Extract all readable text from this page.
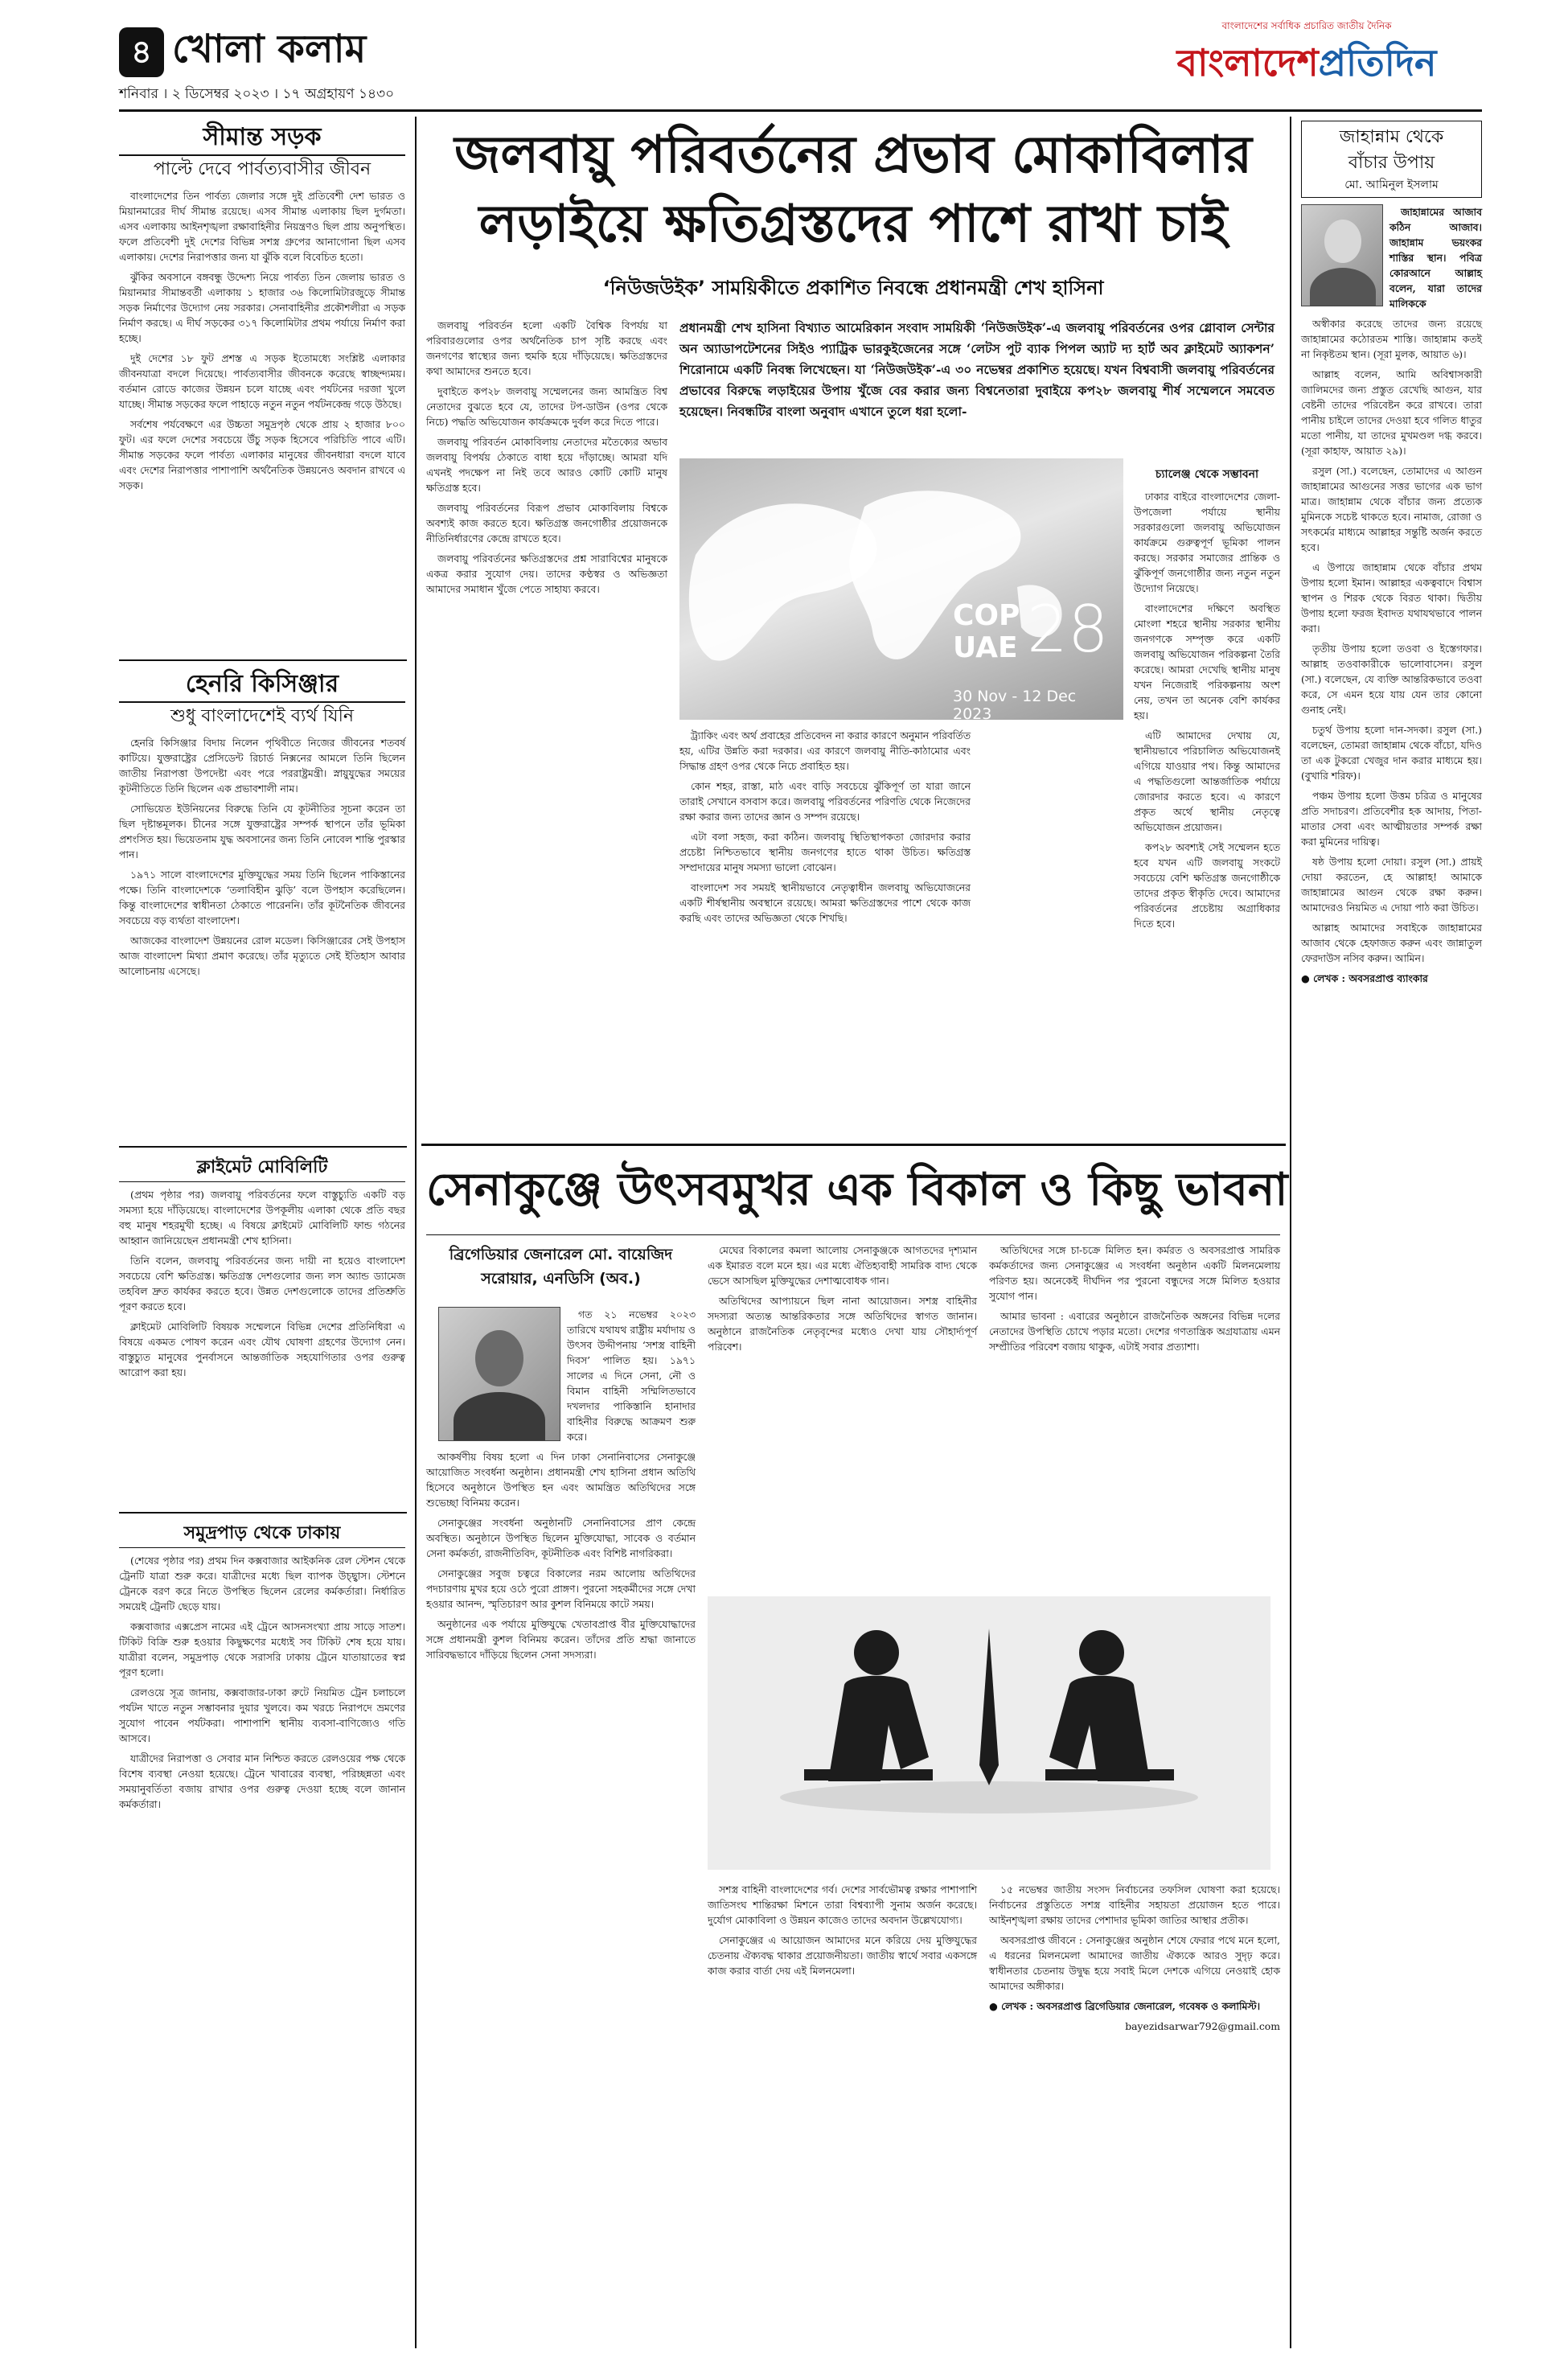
৪ খোলা কলাম
শনিবার । ২ ডিসেম্বর ২০২৩ । ১৭ অগ্রহায়ণ ১৪৩০
বাংলাদেশের সর্বাধিক প্রচারিত জাতীয় দৈনিক
বাংলাদেশপ্রতিদিন
সীমান্ত সড়ক
পাল্টে দেবে পার্বত্যবাসীর জীবন

বাংলাদেশের তিন পার্বত্য জেলার সঙ্গে দুই প্রতিবেশী দেশ ভারত ও মিয়ানমারের দীর্ঘ সীমান্ত রয়েছে। এসব সীমান্ত এলাকায় ছিল দুর্গমতা। এসব এলাকায় আইনশৃঙ্খলা রক্ষাবাহিনীর নিয়ন্ত্রণও ছিল প্রায় অনুপস্থিত। ফলে প্রতিবেশী দুই দেশের বিভিন্ন সশস্ত্র গ্রুপের আনাগোনা ছিল এসব এলাকায়। দেশের নিরাপত্তার জন্য যা ঝুঁকি বলে বিবেচিত হতো।

ঝুঁকির অবসানে বঙ্গবন্ধু উদ্দেশ্য নিয়ে পার্বত্য তিন জেলায় ভারত ও মিয়ানমার সীমান্তবর্তী এলাকায় ১ হাজার ৩৬ কিলোমিটারজুড়ে সীমান্ত সড়ক নির্মাণের উদ্যোগ নেয় সরকার। সেনাবাহিনীর প্রকৌশলীরা এ সড়ক নির্মাণ করছে। এ দীর্ঘ সড়কের ৩১৭ কিলোমিটার প্রথম পর্যায়ে নির্মাণ করা হচ্ছে।

দুই দেশের ১৮ ফুট প্রশস্ত এ সড়ক ইতোমধ্যে সংশ্লিষ্ট এলাকার জীবনযাত্রা বদলে দিয়েছে। পার্বত্যবাসীর জীবনকে করেছে স্বাচ্ছন্দ্যময়। বর্তমান রোডে কাজের উন্নয়ন চলে যাচ্ছে এবং পর্যটনের দরজা খুলে যাচ্ছে। সীমান্ত সড়কের ফলে পাহাড়ে নতুন নতুন পর্যটনকেন্দ্র গড়ে উঠছে।

সর্বশেষ পর্যবেক্ষণে এর উচ্চতা সমুদ্রপৃষ্ঠ থেকে প্রায় ২ হাজার ৮০০ ফুট। এর ফলে দেশের সবচেয়ে উঁচু সড়ক হিসেবে পরিচিতি পাবে এটি। সীমান্ত সড়কের ফলে পার্বত্য এলাকার মানুষের জীবনধারা বদলে যাবে এবং দেশের নিরাপত্তার পাশাপাশি অর্থনৈতিক উন্নয়নেও অবদান রাখবে এ সড়ক।

হেনরি কিসিঞ্জার
শুধু বাংলাদেশেই ব্যর্থ যিনি

হেনরি কিসিঞ্জার বিদায় নিলেন পৃথিবীতে নিজের জীবনের শতবর্ষ কাটিয়ে। যুক্তরাষ্ট্রের প্রেসিডেন্ট রিচার্ড নিক্সনের আমলে তিনি ছিলেন জাতীয় নিরাপত্তা উপদেষ্টা এবং পরে পররাষ্ট্রমন্ত্রী। স্নায়ুযুদ্ধের সময়ের কূটনীতিতে তিনি ছিলেন এক প্রভাবশালী নাম।

সোভিয়েত ইউনিয়নের বিরুদ্ধে তিনি যে কূটনীতির সূচনা করেন তা ছিল দৃষ্টান্তমূলক। চীনের সঙ্গে যুক্তরাষ্ট্রের সম্পর্ক স্থাপনে তাঁর ভূমিকা প্রশংসিত হয়। ভিয়েতনাম যুদ্ধ অবসানের জন্য তিনি নোবেল শান্তি পুরস্কার পান।

১৯৭১ সালে বাংলাদেশের মুক্তিযুদ্ধের সময় তিনি ছিলেন পাকিস্তানের পক্ষে। তিনি বাংলাদেশকে ‘তলাবিহীন ঝুড়ি’ বলে উপহাস করেছিলেন। কিন্তু বাংলাদেশের স্বাধীনতা ঠেকাতে পারেননি। তাঁর কূটনৈতিক জীবনের সবচেয়ে বড় ব্যর্থতা বাংলাদেশ।

আজকের বাংলাদেশ উন্নয়নের রোল মডেল। কিসিঞ্জারের সেই উপহাস আজ বাংলাদেশ মিথ্যা প্রমাণ করেছে। তাঁর মৃত্যুতে সেই ইতিহাস আবার আলোচনায় এসেছে।

ক্লাইমেট মোবিলিটি

(প্রথম পৃষ্ঠার পর) জলবায়ু পরিবর্তনের ফলে বাস্তুচ্যুতি একটি বড় সমস্যা হয়ে দাঁড়িয়েছে। বাংলাদেশের উপকূলীয় এলাকা থেকে প্রতি বছর বহু মানুষ শহরমুখী হচ্ছে। এ বিষয়ে ক্লাইমেট মোবিলিটি ফান্ড গঠনের আহ্বান জানিয়েছেন প্রধানমন্ত্রী শেখ হাসিনা।

তিনি বলেন, জলবায়ু পরিবর্তনের জন্য দায়ী না হয়েও বাংলাদেশ সবচেয়ে বেশি ক্ষতিগ্রস্ত। ক্ষতিগ্রস্ত দেশগুলোর জন্য লস অ্যান্ড ড্যামেজ তহবিল দ্রুত কার্যকর করতে হবে। উন্নত দেশগুলোকে তাদের প্রতিশ্রুতি পূরণ করতে হবে।

ক্লাইমেট মোবিলিটি বিষয়ক সম্মেলনে বিভিন্ন দেশের প্রতিনিধিরা এ বিষয়ে একমত পোষণ করেন এবং যৌথ ঘোষণা গ্রহণের উদ্যোগ নেন। বাস্তুচ্যুত মানুষের পুনর্বাসনে আন্তর্জাতিক সহযোগিতার ওপর গুরুত্ব আরোপ করা হয়।

সমুদ্রপাড় থেকে ঢাকায়

(শেষের পৃষ্ঠার পর) প্রথম দিন কক্সবাজার আইকনিক রেল স্টেশন থেকে ট্রেনটি যাত্রা শুরু করে। যাত্রীদের মধ্যে ছিল ব্যাপক উচ্ছ্বাস। স্টেশনে ট্রেনকে বরণ করে নিতে উপস্থিত ছিলেন রেলের কর্মকর্তারা। নির্ধারিত সময়েই ট্রেনটি ছেড়ে যায়।

কক্সবাজার এক্সপ্রেস নামের এই ট্রেনে আসনসংখ্যা প্রায় সাড়ে সাতশ। টিকিট বিক্রি শুরু হওয়ার কিছুক্ষণের মধ্যেই সব টিকিট শেষ হয়ে যায়। যাত্রীরা বলেন, সমুদ্রপাড় থেকে সরাসরি ঢাকায় ট্রেনে যাতায়াতের স্বপ্ন পূরণ হলো।

রেলওয়ে সূত্র জানায়, কক্সবাজার-ঢাকা রুটে নিয়মিত ট্রেন চলাচলে পর্যটন খাতে নতুন সম্ভাবনার দুয়ার খুলবে। কম খরচে নিরাপদে ভ্রমণের সুযোগ পাবেন পর্যটকরা। পাশাপাশি স্থানীয় ব্যবসা-বাণিজ্যেও গতি আসবে।

যাত্রীদের নিরাপত্তা ও সেবার মান নিশ্চিত করতে রেলওয়ের পক্ষ থেকে বিশেষ ব্যবস্থা নেওয়া হয়েছে। ট্রেনে খাবারের ব্যবস্থা, পরিচ্ছন্নতা এবং সময়ানুবর্তিতা বজায় রাখার ওপর গুরুত্ব দেওয়া হচ্ছে বলে জানান কর্মকর্তারা।

জলবায়ু পরিবর্তনের প্রভাব মোকাবিলার
লড়াইয়ে ক্ষতিগ্রস্তদের পাশে রাখা চাই
‘নিউজউইক’ সাময়িকীতে প্রকাশিত নিবন্ধে প্রধানমন্ত্রী শেখ হাসিনা

জলবায়ু পরিবর্তন হলো একটি বৈশ্বিক বিপর্যয় যা পরিবারগুলোর ওপর অর্থনৈতিক চাপ সৃষ্টি করছে এবং জনগণের স্বাস্থ্যের জন্য হুমকি হয়ে দাঁড়িয়েছে। ক্ষতিগ্রস্তদের কথা আমাদের শুনতে হবে।

দুবাইতে কপ২৮ জলবায়ু সম্মেলনের জন্য আমন্ত্রিত বিশ্ব নেতাদের বুঝতে হবে যে, তাদের টপ-ডাউন (ওপর থেকে নিচে) পদ্ধতি অভিযোজন কার্যক্রমকে দুর্বল করে দিতে পারে।

জলবায়ু পরিবর্তন মোকাবিলায় নেতাদের মতৈক্যের অভাব জলবায়ু বিপর্যয় ঠেকাতে বাধা হয়ে দাঁড়াচ্ছে। আমরা যদি এখনই পদক্ষেপ না নিই তবে আরও কোটি কোটি মানুষ ক্ষতিগ্রস্ত হবে।

জলবায়ু পরিবর্তনের বিরূপ প্রভাব মোকাবিলায় বিশ্বকে অবশ্যই কাজ করতে হবে। ক্ষতিগ্রস্ত জনগোষ্ঠীর প্রয়োজনকে নীতিনির্ধারণের কেন্দ্রে রাখতে হবে।

জলবায়ু পরিবর্তনের ক্ষতিগ্রস্তদের প্রশ্ন সারাবিশ্বের মানুষকে একত্র করার সুযোগ দেয়। তাদের কণ্ঠস্বর ও অভিজ্ঞতা আমাদের সমাধান খুঁজে পেতে সাহায্য করবে।

প্রধানমন্ত্রী শেখ হাসিনা বিখ্যাত আমেরিকান সংবাদ সাময়িকী ‘নিউজউইক’-এ জলবায়ু পরিবর্তনের ওপর গ্লোবাল সেন্টার অন অ্যাডাপটেশনের সিইও প্যাট্রিক ভারকুইজেনের সঙ্গে ‘লেটস পুট ব্যাক পিপল অ্যাট দ্য হার্ট অব ক্লাইমেট অ্যাকশন’ শিরোনামে একটি নিবন্ধ লিখেছেন। যা ‘নিউজউইক’-এ ৩০ নভেম্বর প্রকাশিত হয়েছে। যখন বিশ্ববাসী জলবায়ু পরিবর্তনের প্রভাবের বিরুদ্ধে লড়াইয়ের উপায় খুঁজে বের করার জন্য বিশ্বনেতারা দুবাইয়ে কপ২৮ জলবায়ু শীর্ষ সম্মেলনে সমবেত হয়েছেন। নিবন্ধটির বাংলা অনুবাদ এখানে তুলে ধরা হলো-
COP
UAE 28
30 Nov - 12 Dec 2023

ট্র্যাকিং এবং অর্থ প্রবাহের প্রতিবেদন না করার কারণে অনুমান পরিবর্তিত হয়, এটির উন্নতি করা দরকার। এর কারণে জলবায়ু নীতি-কাঠামোর এবং সিদ্ধান্ত গ্রহণ ওপর থেকে নিচে প্রবাহিত হয়।

কোন শহর, রাস্তা, মাঠ এবং বাড়ি সবচেয়ে ঝুঁকিপূর্ণ তা যারা জানে তারাই সেখানে বসবাস করে। জলবায়ু পরিবর্তনের পরিণতি থেকে নিজেদের রক্ষা করার জন্য তাদের জ্ঞান ও সম্পদ রয়েছে।

এটা বলা সহজ, করা কঠিন। জলবায়ু স্থিতিস্থাপকতা জোরদার করার প্রচেষ্টা নিশ্চিতভাবে স্থানীয় জনগণের হাতে থাকা উচিত। ক্ষতিগ্রস্ত সম্প্রদায়ের মানুষ সমস্যা ভালো বোঝেন।

বাংলাদেশ সব সময়ই স্থানীয়ভাবে নেতৃত্বাধীন জলবায়ু অভিযোজনের একটি শীর্ষস্থানীয় অবস্থানে রয়েছে। আমরা ক্ষতিগ্রস্তদের পাশে থেকে কাজ করছি এবং তাদের অভিজ্ঞতা থেকে শিখছি।

চ্যালেঞ্জ থেকে সম্ভাবনা

ঢাকার বাইরে বাংলাদেশের জেলা-উপজেলা পর্যায়ে স্থানীয় সরকারগুলো জলবায়ু অভিযোজন কার্যক্রমে গুরুত্বপূর্ণ ভূমিকা পালন করছে। সরকার সমাজের প্রান্তিক ও ঝুঁকিপূর্ণ জনগোষ্ঠীর জন্য নতুন নতুন উদ্যোগ নিয়েছে।

বাংলাদেশের দক্ষিণে অবস্থিত মোংলা শহরে স্থানীয় সরকার স্থানীয় জনগণকে সম্পৃক্ত করে একটি জলবায়ু অভিযোজন পরিকল্পনা তৈরি করেছে। আমরা দেখেছি স্থানীয় মানুষ যখন নিজেরাই পরিকল্পনায় অংশ নেয়, তখন তা অনেক বেশি কার্যকর হয়।

এটি আমাদের দেখায় যে, স্থানীয়ভাবে পরিচালিত অভিযোজনই এগিয়ে যাওয়ার পথ। কিন্তু আমাদের এ পদ্ধতিগুলো আন্তর্জাতিক পর্যায়ে জোরদার করতে হবে। এ কারণে প্রকৃত অর্থে স্থানীয় নেতৃত্বে অভিযোজন প্রয়োজন।

কপ২৮ অবশ্যই সেই সম্মেলন হতে হবে যখন এটি জলবায়ু সংকটে সবচেয়ে বেশি ক্ষতিগ্রস্ত জনগোষ্ঠীকে তাদের প্রকৃত স্বীকৃতি দেবে। আমাদের পরিবর্তনের প্রচেষ্টায় অগ্রাধিকার দিতে হবে।

সেনাকুঞ্জে উৎসবমুখর এক বিকাল ও কিছু ভাবনা
ব্রিগেডিয়ার জেনারেল মো. বায়েজিদ
সরোয়ার, এনডিসি (অব.)

গত ২১ নভেম্বর ২০২৩ তারিখে যথাযথ রাষ্ট্রীয় মর্যাদায় ও উৎসব উদ্দীপনায় ‘সশস্ত্র বাহিনী দিবস’ পালিত হয়। ১৯৭১ সালের এ দিনে সেনা, নৌ ও বিমান বাহিনী সম্মিলিতভাবে দখলদার পাকিস্তানি হানাদার বাহিনীর বিরুদ্ধে আক্রমণ শুরু করে।

আকর্ষণীয় বিষয় হলো এ দিন ঢাকা সেনানিবাসের সেনাকুঞ্জে আয়োজিত সংবর্ধনা অনুষ্ঠান। প্রধানমন্ত্রী শেখ হাসিনা প্রধান অতিথি হিসেবে অনুষ্ঠানে উপস্থিত হন এবং আমন্ত্রিত অতিথিদের সঙ্গে শুভেচ্ছা বিনিময় করেন।

সেনাকুঞ্জের সংবর্ধনা অনুষ্ঠানটি সেনানিবাসের প্রাণ কেন্দ্রে অবস্থিত। অনুষ্ঠানে উপস্থিত ছিলেন মুক্তিযোদ্ধা, সাবেক ও বর্তমান সেনা কর্মকর্তা, রাজনীতিবিদ, কূটনীতিক এবং বিশিষ্ট নাগরিকরা।

সেনাকুঞ্জের সবুজ চত্বরে বিকালের নরম আলোয় অতিথিদের পদচারণায় মুখর হয়ে ওঠে পুরো প্রাঙ্গণ। পুরনো সহকর্মীদের সঙ্গে দেখা হওয়ার আনন্দ, স্মৃতিচারণ আর কুশল বিনিময়ে কাটে সময়।

অনুষ্ঠানের এক পর্যায়ে মুক্তিযুদ্ধে খেতাবপ্রাপ্ত বীর মুক্তিযোদ্ধাদের সঙ্গে প্রধানমন্ত্রী কুশল বিনিময় করেন। তাঁদের প্রতি শ্রদ্ধা জানাতে সারিবদ্ধভাবে দাঁড়িয়ে ছিলেন সেনা সদস্যরা।

মেঘের বিকালের কমলা আলোয় সেনাকুঞ্জকে আগতদের দৃশ্যমান এক ইমারত বলে মনে হয়। এর মধ্যে ঐতিহ্যবাহী সামরিক বাদ্য থেকে ভেসে আসছিল মুক্তিযুদ্ধের দেশাত্মবোধক গান।

অতিথিদের আপ্যায়নে ছিল নানা আয়োজন। সশস্ত্র বাহিনীর সদস্যরা অত্যন্ত আন্তরিকতার সঙ্গে অতিথিদের স্বাগত জানান। অনুষ্ঠানে রাজনৈতিক নেতৃবৃন্দের মধ্যেও দেখা যায় সৌহার্দ্যপূর্ণ পরিবেশ।

সশস্ত্র বাহিনী বাংলাদেশের গর্ব। দেশের সার্বভৌমত্ব রক্ষার পাশাপাশি জাতিসংঘ শান্তিরক্ষা মিশনে তারা বিশ্বব্যাপী সুনাম অর্জন করেছে। দুর্যোগ মোকাবিলা ও উন্নয়ন কাজেও তাদের অবদান উল্লেখযোগ্য।

সেনাকুঞ্জের এ আয়োজন আমাদের মনে করিয়ে দেয় মুক্তিযুদ্ধের চেতনায় ঐক্যবদ্ধ থাকার প্রয়োজনীয়তা। জাতীয় স্বার্থে সবার একসঙ্গে কাজ করার বার্তা দেয় এই মিলনমেলা।

অতিথিদের সঙ্গে চা-চক্রে মিলিত হন। কর্মরত ও অবসরপ্রাপ্ত সামরিক কর্মকর্তাদের জন্য সেনাকুঞ্জের এ সংবর্ধনা অনুষ্ঠান একটি মিলনমেলায় পরিণত হয়। অনেকেই দীর্ঘদিন পর পুরনো বন্ধুদের সঙ্গে মিলিত হওয়ার সুযোগ পান।

আমার ভাবনা : এবারের অনুষ্ঠানে রাজনৈতিক অঙ্গনের বিভিন্ন দলের নেতাদের উপস্থিতি চোখে পড়ার মতো। দেশের গণতান্ত্রিক অগ্রযাত্রায় এমন সম্প্রীতির পরিবেশ বজায় থাকুক, এটাই সবার প্রত্যাশা।

১৫ নভেম্বর জাতীয় সংসদ নির্বাচনের তফসিল ঘোষণা করা হয়েছে। নির্বাচনের প্রস্তুতিতে সশস্ত্র বাহিনীর সহায়তা প্রয়োজন হতে পারে। আইনশৃঙ্খলা রক্ষায় তাদের পেশাদার ভূমিকা জাতির আস্থার প্রতীক।

অবসরপ্রাপ্ত জীবনে : সেনাকুঞ্জের অনুষ্ঠান শেষে ফেরার পথে মনে হলো, এ ধরনের মিলনমেলা আমাদের জাতীয় ঐক্যকে আরও সুদৃঢ় করে। স্বাধীনতার চেতনায় উদ্বুদ্ধ হয়ে সবাই মিলে দেশকে এগিয়ে নেওয়াই হোক আমাদের অঙ্গীকার।

● লেখক : অবসরপ্রাপ্ত ব্রিগেডিয়ার জেনারেল, গবেষক ও কলামিস্ট।

bayezidsarwar792@gmail.com

জাহান্নাম থেকে
বাঁচার উপায়
মো. আমিনুল ইসলাম

জাহান্নামের আজাব কঠিন আজাব। জাহান্নাম ভয়ংকর শাস্তির স্থান। পবিত্র কোরআনে আল্লাহ বলেন, যারা তাদের মালিককে

অস্বীকার করেছে তাদের জন্য রয়েছে জাহান্নামের কঠোরতম শাস্তি। জাহান্নাম কতই না নিকৃষ্টতম স্থান। (সূরা মুলক, আয়াত ৬)।

আল্লাহ বলেন, আমি অবিশ্বাসকারী জালিমদের জন্য প্রস্তুত রেখেছি আগুন, যার বেষ্টনী তাদের পরিবেষ্টন করে রাখবে। তারা পানীয় চাইলে তাদের দেওয়া হবে গলিত ধাতুর মতো পানীয়, যা তাদের মুখমণ্ডল দগ্ধ করবে। (সূরা কাহাফ, আয়াত ২৯)।

রসুল (সা.) বলেছেন, তোমাদের এ আগুন জাহান্নামের আগুনের সত্তর ভাগের এক ভাগ মাত্র। জাহান্নাম থেকে বাঁচার জন্য প্রত্যেক মুমিনকে সচেষ্ট থাকতে হবে। নামাজ, রোজা ও সৎকর্মের মাধ্যমে আল্লাহর সন্তুষ্টি অর্জন করতে হবে।

এ উপায়ে জাহান্নাম থেকে বাঁচার প্রথম উপায় হলো ইমান। আল্লাহর একত্ববাদে বিশ্বাস স্থাপন ও শিরক থেকে বিরত থাকা। দ্বিতীয় উপায় হলো ফরজ ইবাদত যথাযথভাবে পালন করা।

তৃতীয় উপায় হলো তওবা ও ইস্তেগফার। আল্লাহ তওবাকারীকে ভালোবাসেন। রসুল (সা.) বলেছেন, যে ব্যক্তি আন্তরিকভাবে তওবা করে, সে এমন হয়ে যায় যেন তার কোনো গুনাহ নেই।

চতুর্থ উপায় হলো দান-সদকা। রসুল (সা.) বলেছেন, তোমরা জাহান্নাম থেকে বাঁচো, যদিও তা এক টুকরো খেজুর দান করার মাধ্যমে হয়। (বুখারি শরিফ)।

পঞ্চম উপায় হলো উত্তম চরিত্র ও মানুষের প্রতি সদাচরণ। প্রতিবেশীর হক আদায়, পিতা-মাতার সেবা এবং আত্মীয়তার সম্পর্ক রক্ষা করা মুমিনের দায়িত্ব।

ষষ্ঠ উপায় হলো দোয়া। রসুল (সা.) প্রায়ই দোয়া করতেন, হে আল্লাহ! আমাকে জাহান্নামের আগুন থেকে রক্ষা করুন। আমাদেরও নিয়মিত এ দোয়া পাঠ করা উচিত।

আল্লাহ আমাদের সবাইকে জাহান্নামের আজাব থেকে হেফাজত করুন এবং জান্নাতুল ফেরদাউস নসিব করুন। আমিন।

● লেখক : অবসরপ্রাপ্ত ব্যাংকার
